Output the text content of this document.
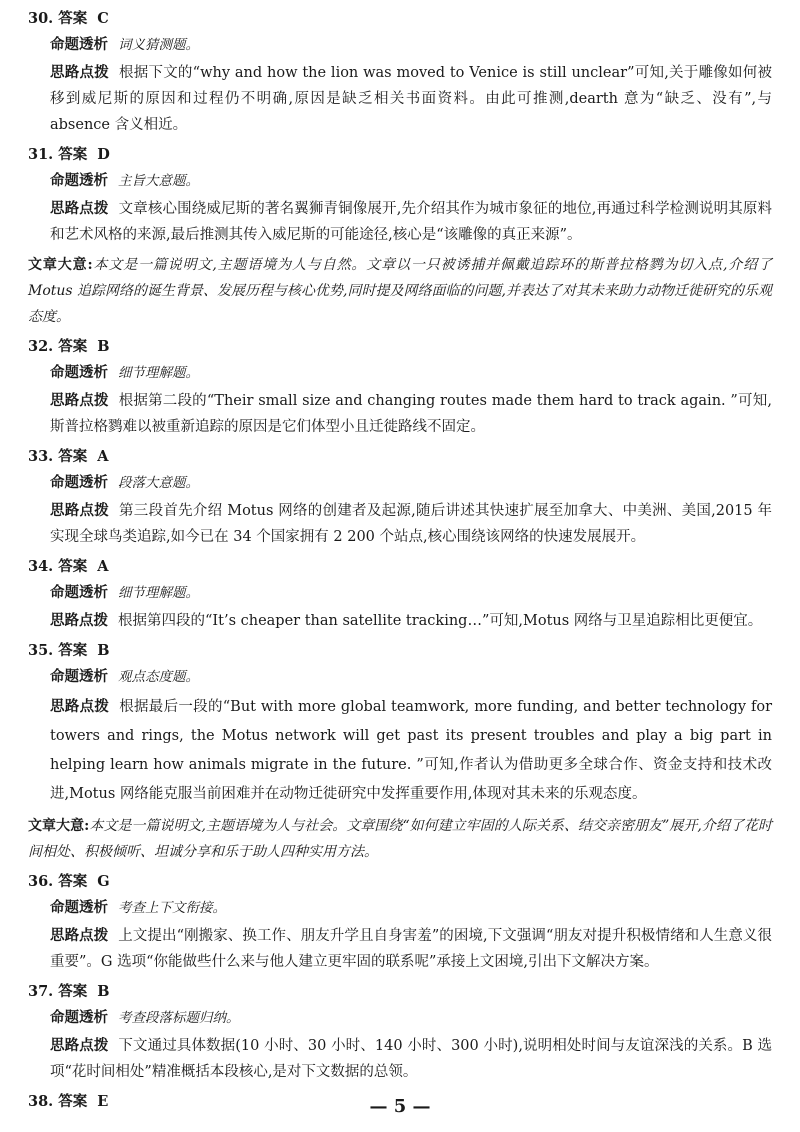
30. 答案 C
命题透析 词义猜测题。
思路点拨 根据下文的“why and how the lion was moved to Venice is still unclear”可知,关于雕像如何被移到威尼斯的原因和过程仍不明确,原因是缺乏相关书面资料。由此可推测,dearth 意为“缺乏、没有”,与 absence 含义相近。
31. 答案 D
命题透析 主旨大意题。
思路点拨 文章核心围绕威尼斯的著名翼狮青铜像展开,先介绍其作为城市象征的地位,再通过科学检测说明其原料和艺术风格的来源,最后推测其传入威尼斯的可能途径,核心是“该雕像的真正来源”。
文章大意:本文是一篇说明文,主题语境为人与自然。文章以一只被诱捕并佩戴追踪环的斯普拉格鹨为切入点,介绍了 Motus 追踪网络的诞生背景、发展历程与核心优势,同时提及网络面临的问题,并表达了对其未来助力动物迁徙研究的乐观态度。
32. 答案 B
命题透析 细节理解题。
思路点拨 根据第二段的“Their small size and changing routes made them hard to track again. ”可知,斯普拉格鹨难以被重新追踪的原因是它们体型小且迁徙路线不固定。
33. 答案 A
命题透析 段落大意题。
思路点拨 第三段首先介绍 Motus 网络的创建者及起源,随后讲述其快速扩展至加拿大、中美洲、美国,2015 年实现全球鸟类追踪,如今已在 34 个国家拥有 2 200 个站点,核心围绕该网络的快速发展展开。
34. 答案 A
命题透析 细节理解题。
思路点拨 根据第四段的“It’s cheaper than satellite tracking…”可知,Motus 网络与卫星追踪相比更便宜。
35. 答案 B
命题透析 观点态度题。
思路点拨 根据最后一段的“But with more global teamwork, more funding, and better technology for towers and rings, the Motus network will get past its present troubles and play a big part in helping learn how animals migrate in the future. ”可知,作者认为借助更多全球合作、资金支持和技术改进,Motus 网络能克服当前困难并在动物迁徙研究中发挥重要作用,体现对其未来的乐观态度。
文章大意:本文是一篇说明文,主题语境为人与社会。文章围绕“如何建立牢固的人际关系、结交亲密朋友”展开,介绍了花时间相处、积极倾听、坦诚分享和乐于助人四种实用方法。
36. 答案 G
命题透析 考查上下文衔接。
思路点拨 上文提出“刚搬家、换工作、朋友升学且自身害羞”的困境,下文强调“朋友对提升积极情绪和人生意义很重要”。G 选项“你能做些什么来与他人建立更牢固的联系呢”承接上文困境,引出下文解决方案。
37. 答案 B
命题透析 考查段落标题归纳。
思路点拨 下文通过具体数据(10 小时、30 小时、140 小时、300 小时),说明相处时间与友谊深浅的关系。B 选项“花时间相处”精准概括本段核心,是对下文数据的总领。
38. 答案 E	— 5 —
